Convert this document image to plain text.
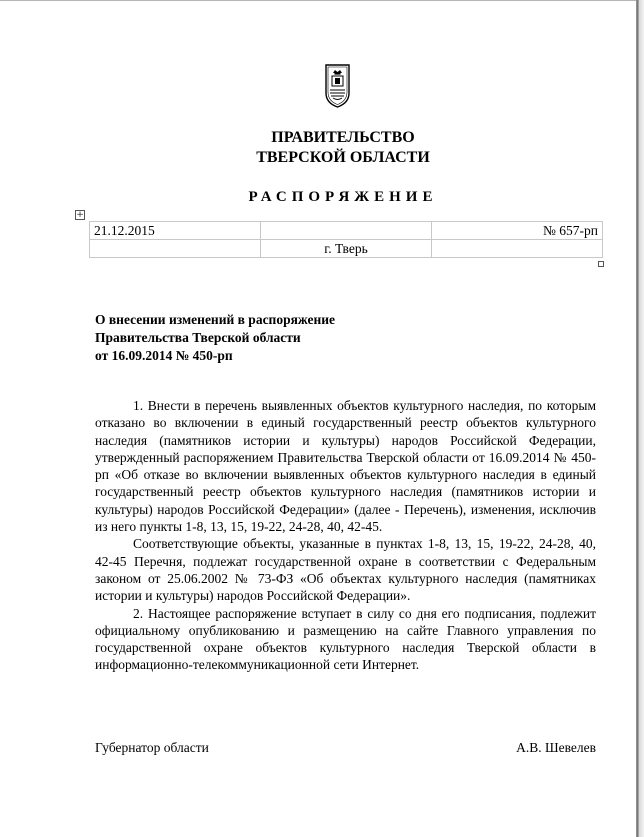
ПРАВИТЕЛЬСТВО
ТВЕРСКОЙ ОБЛАСТИ
РАСПОРЯЖЕНИЕ
+
21.12.2015		№ 657-рп
	г. Тверь	
О внесении изменений в распоряжение
Правительства Тверской области
от 16.09.2014 № 450-рп

1. Внести в перечень выявленных объектов культурного наследия, по которым отказано во включении в единый государственный реестр объектов культурного наследия (памятников истории и культуры) народов Российской Федерации, утвержденный распоряжением Правительства Тверской области от 16.09.2014 № 450-рп «Об отказе во включении выявленных объектов культурного наследия в единый государственный реестр объектов культурного наследия (памятников истории и культуры) народов Российской Федерации» (далее - Перечень), изменения, исключив из него пункты 1-8, 13, 15, 19-22, 24-28, 40, 42-45.

Соответствующие объекты, указанные в пунктах 1-8, 13, 15, 19-22, 24-28, 40, 42-45 Перечня, подлежат государственной охране в соответствии с Федеральным законом от 25.06.2002 № 73-ФЗ «Об объектах культурного наследия (памятниках истории и культуры) народов Российской Федерации».

2. Настоящее распоряжение вступает в силу со дня его подписания, подлежит официальному опубликованию и размещению на сайте Главного управления по государственной охране объектов культурного наследия Тверской области в информационно-телекоммуникационной сети Интернет.

Губернатор области	А.В. Шевелев
